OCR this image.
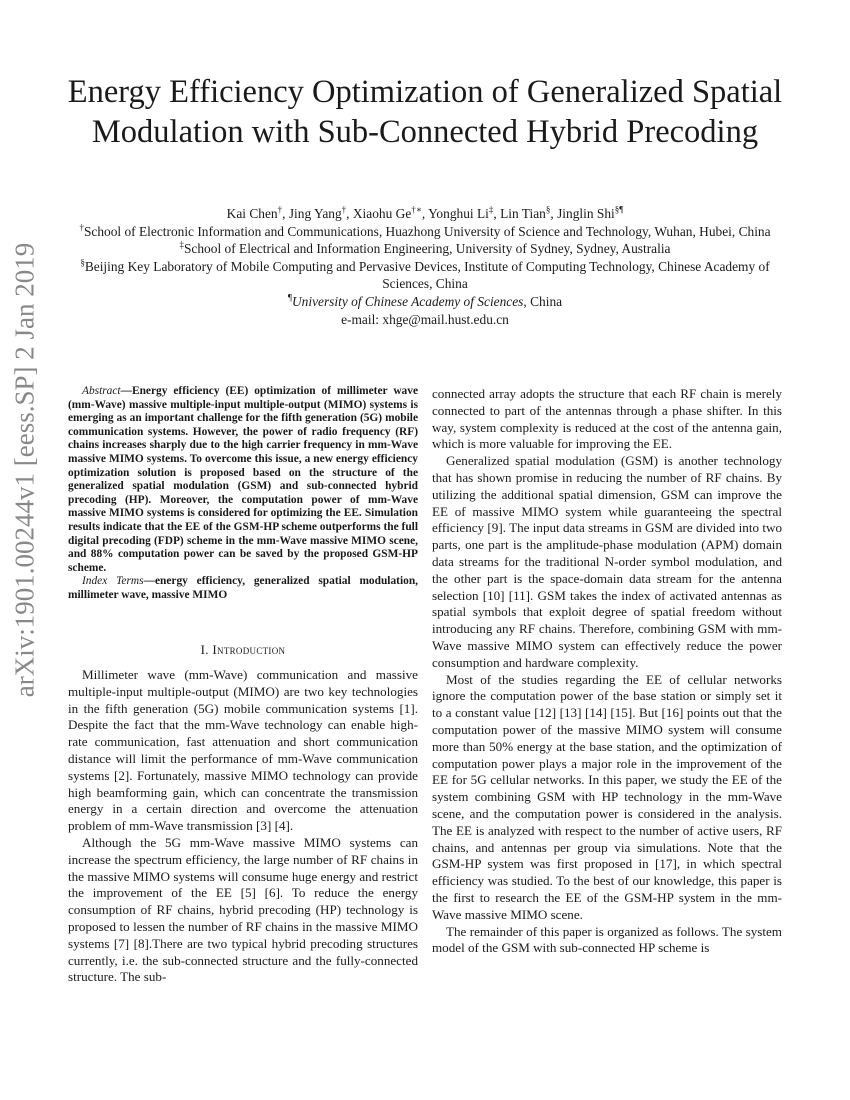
arXiv:1901.00244v1 [eess.SP] 2 Jan 2019
Energy Efficiency Optimization of Generalized Spatial Modulation with Sub-Connected Hybrid Precoding
Kai Chen†, Jing Yang†, Xiaohu Ge†∗, Yonghui Li‡, Lin Tian§, Jinglin Shi§¶
†School of Electronic Information and Communications, Huazhong University of Science and Technology, Wuhan, Hubei, China
‡School of Electrical and Information Engineering, University of Sydney, Sydney, Australia
§Beijing Key Laboratory of Mobile Computing and Pervasive Devices, Institute of Computing Technology, Chinese Academy of Sciences, China
¶University of Chinese Academy of Sciences, China
e-mail: xhge@mail.hust.edu.cn

Abstract—Energy efficiency (EE) optimization of millimeter wave (mm-Wave) massive multiple-input multiple-output (MIMO) systems is emerging as an important challenge for the fifth generation (5G) mobile communication systems. However, the power of radio frequency (RF) chains increases sharply due to the high carrier frequency in mm-Wave massive MIMO systems. To overcome this issue, a new energy efficiency optimization solution is proposed based on the structure of the generalized spatial modulation (GSM) and sub-connected hybrid precoding (HP). Moreover, the computation power of mm-Wave massive MIMO systems is considered for optimizing the EE. Simulation results indicate that the EE of the GSM-HP scheme outperforms the full digital precoding (FDP) scheme in the mm-Wave massive MIMO scene, and 88% computation power can be saved by the proposed GSM-HP scheme.

Index Terms—energy efficiency, generalized spatial modulation, millimeter wave, massive MIMO

I. Introduction

Millimeter wave (mm-Wave) communication and massive multiple-input multiple-output (MIMO) are two key technologies in the fifth generation (5G) mobile communication systems [1]. Despite the fact that the mm-Wave technology can enable high-rate communication, fast attenuation and short communication distance will limit the performance of mm-Wave communication systems [2]. Fortunately, massive MIMO technology can provide high beamforming gain, which can concentrate the transmission energy in a certain direction and overcome the attenuation problem of mm-Wave transmission [3] [4].

Although the 5G mm-Wave massive MIMO systems can increase the spectrum efficiency, the large number of RF chains in the massive MIMO systems will consume huge energy and restrict the improvement of the EE [5] [6]. To reduce the energy consumption of RF chains, hybrid precoding (HP) technology is proposed to lessen the number of RF chains in the massive MIMO systems [7] [8].There are two typical hybrid precoding structures currently, i.e. the sub-connected structure and the fully-connected structure. The sub-

connected array adopts the structure that each RF chain is merely connected to part of the antennas through a phase shifter. In this way, system complexity is reduced at the cost of the antenna gain, which is more valuable for improving the EE.

Generalized spatial modulation (GSM) is another technology that has shown promise in reducing the number of RF chains. By utilizing the additional spatial dimension, GSM can improve the EE of massive MIMO system while guaranteeing the spectral efficiency [9]. The input data streams in GSM are divided into two parts, one part is the amplitude-phase modulation (APM) domain data streams for the traditional N-order symbol modulation, and the other part is the space-domain data stream for the antenna selection [10] [11]. GSM takes the index of activated antennas as spatial symbols that exploit degree of spatial freedom without introducing any RF chains. Therefore, combining GSM with mm-Wave massive MIMO system can effectively reduce the power consumption and hardware complexity.

Most of the studies regarding the EE of cellular networks ignore the computation power of the base station or simply set it to a constant value [12] [13] [14] [15]. But [16] points out that the computation power of the massive MIMO system will consume more than 50% energy at the base station, and the optimization of computation power plays a major role in the improvement of the EE for 5G cellular networks. In this paper, we study the EE of the system combining GSM with HP technology in the mm-Wave scene, and the computation power is considered in the analysis. The EE is analyzed with respect to the number of active users, RF chains, and antennas per group via simulations. Note that the GSM-HP system was first proposed in [17], in which spectral efficiency was studied. To the best of our knowledge, this paper is the first to research the EE of the GSM-HP system in the mm-Wave massive MIMO scene.

The remainder of this paper is organized as follows. The system model of the GSM with sub-connected HP scheme is
